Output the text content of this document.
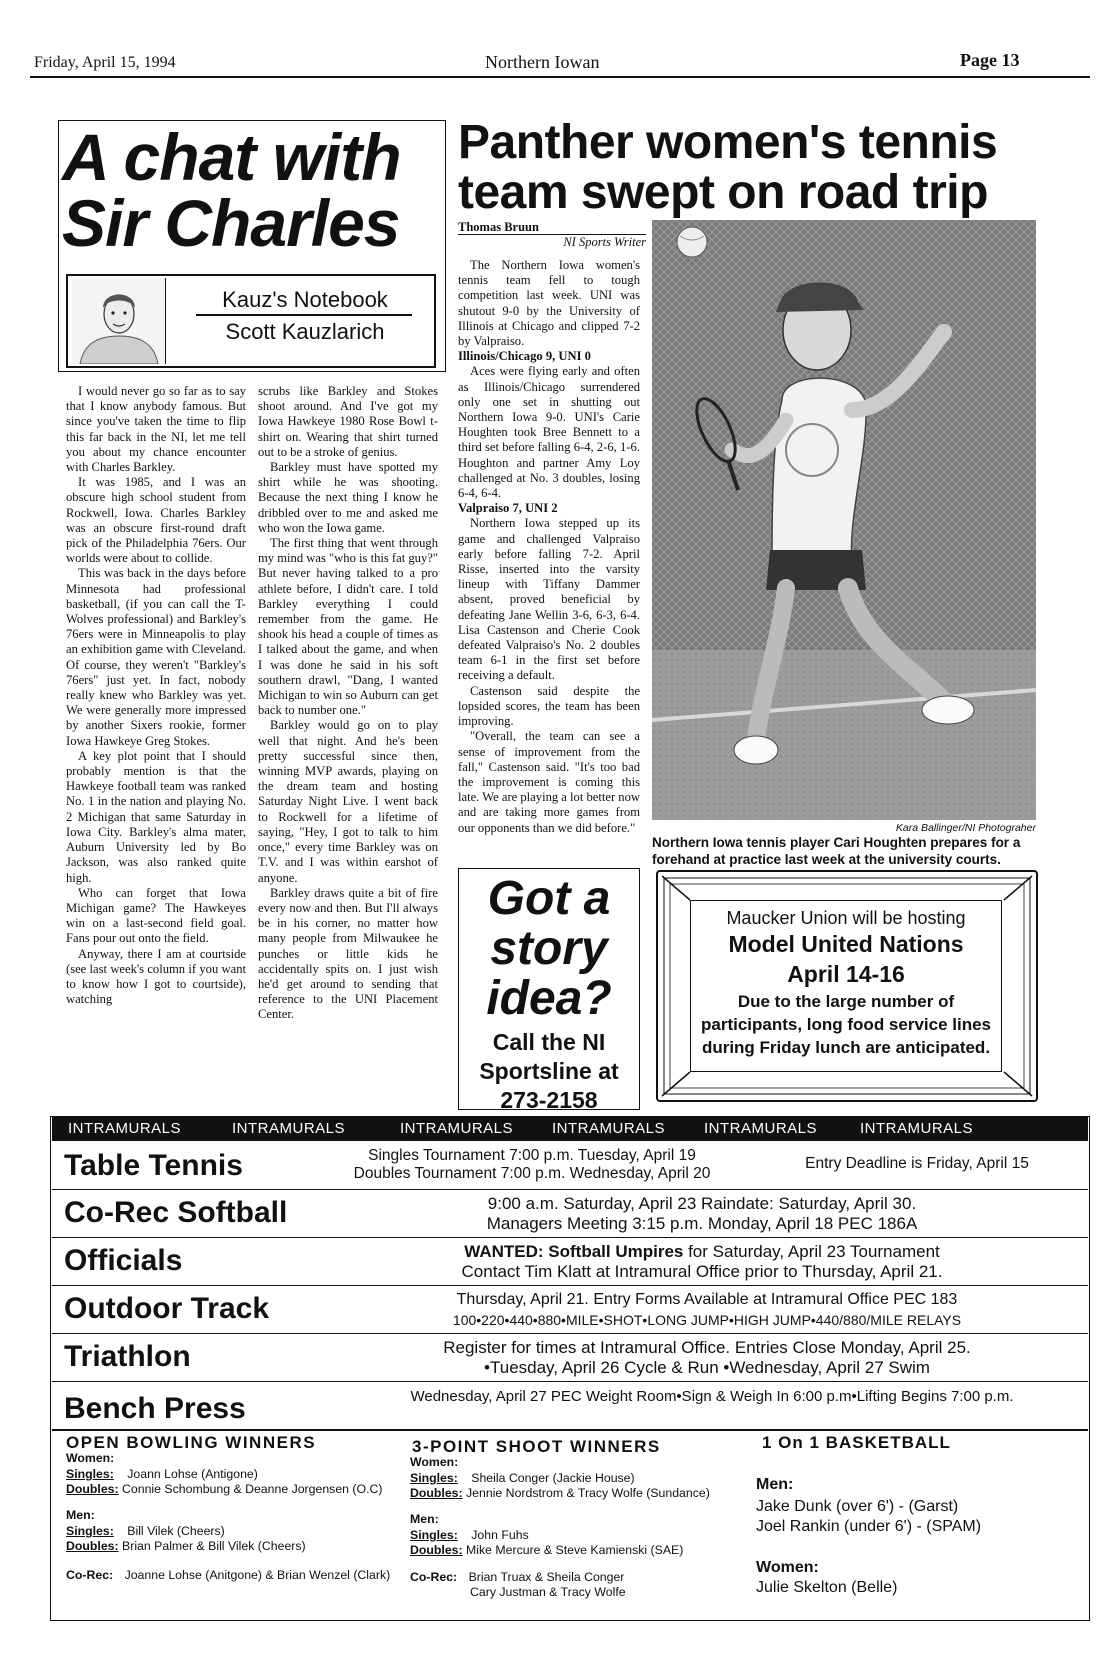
Friday, April 15, 1994	Northern Iowan	Page 13
A chat with
Sir Charles
Kauz's Notebook
Scott Kauzlarich

I would never go so far as to say that I know anybody famous. But since you've taken the time to flip this far back in the NI, let me tell you about my chance encounter with Charles Barkley.

It was 1985, and I was an obscure high school student from Rockwell, Iowa. Charles Barkley was an obscure first-round draft pick of the Philadelphia 76ers. Our worlds were about to collide.

This was back in the days before Minnesota had professional basketball, (if you can call the T-Wolves professional) and Barkley's 76ers were in Minneapolis to play an exhibition game with Cleveland. Of course, they weren't "Barkley's 76ers" just yet. In fact, nobody really knew who Barkley was yet. We were generally more impressed by another Sixers rookie, former Iowa Hawkeye Greg Stokes.

A key plot point that I should probably mention is that the Hawkeye football team was ranked No. 1 in the nation and playing No. 2 Michigan that same Saturday in Iowa City. Barkley's alma mater, Auburn University led by Bo Jackson, was also ranked quite high.

Who can forget that Iowa Michigan game? The Hawkeyes win on a last-second field goal. Fans pour out onto the field.

Anyway, there I am at courtside (see last week's column if you want to know how I got to courtside), watching

scrubs like Barkley and Stokes shoot around. And I've got my Iowa Hawkeye 1980 Rose Bowl t-shirt on. Wearing that shirt turned out to be a stroke of genius.

Barkley must have spotted my shirt while he was shooting. Because the next thing I know he dribbled over to me and asked me who won the Iowa game.

The first thing that went through my mind was "who is this fat guy?" But never having talked to a pro athlete before, I didn't care. I told Barkley everything I could remember from the game. He shook his head a couple of times as I talked about the game, and when I was done he said in his soft southern drawl, "Dang, I wanted Michigan to win so Auburn can get back to number one."

Barkley would go on to play well that night. And he's been pretty successful since then, winning MVP awards, playing on the dream team and hosting Saturday Night Live. I went back to Rockwell for a lifetime of saying, "Hey, I got to talk to him once," every time Barkley was on T.V. and I was within earshot of anyone.

Barkley draws quite a bit of fire every now and then. But I'll always be in his corner, no matter how many people from Milwaukee he punches or little kids he accidentally spits on. I just wish he'd get around to sending that reference to the UNI Placement Center.

Panther women's tennis
team swept on road trip
Thomas Bruun
NI Sports Writer

The Northern Iowa women's tennis team fell to tough competition last week. UNI was shutout 9-0 by the University of Illinois at Chicago and clipped 7-2 by Valpraiso.

Illinois/Chicago 9, UNI 0

Aces were flying early and often as Illinois/Chicago surrendered only one set in shutting out Northern Iowa 9-0. UNI's Carie Houghten took Bree Bennett to a third set before falling 6-4, 2-6, 1-6. Houghton and partner Amy Loy challenged at No. 3 doubles, losing 6-4, 6-4.

Valpraiso 7, UNI 2

Northern Iowa stepped up its game and challenged Valpraiso early before falling 7-2. April Risse, inserted into the varsity lineup with Tiffany Dammer absent, proved beneficial by defeating Jane Wellin 3-6, 6-3, 6-4. Lisa Castenson and Cherie Cook defeated Valpraiso's No. 2 doubles team 6-1 in the first set before receiving a default.

Castenson said despite the lopsided scores, the team has been improving.

"Overall, the team can see a sense of improvement from the fall," Castenson said. "It's too bad the improvement is coming this late. We are playing a lot better now and are taking more games from our opponents than we did before."	Kara Ballinger/NI Photograher
Northern Iowa tennis player Cari Houghten prepares for a forehand at practice last week at the university courts.
Got a
story
idea?
Call the NI
Sportsline at
273-2158
Maucker Union will be hosting
Model United Nations
April 14-16
Due to the large number of participants, long food service lines during Friday lunch are anticipated.
INTRAMURALS	INTRAMURALS	INTRAMURALS	INTRAMURALS	INTRAMURALS	INTRAMURALS
Table Tennis	Singles Tournament 7:00 p.m. Tuesday, April 19
Doubles Tournament 7:00 p.m. Wednesday, April 20
Entry Deadline is Friday, April 15
Co-Rec Softball	9:00 a.m. Saturday, April 23 Raindate: Saturday, April 30.
Managers Meeting 3:15 p.m. Monday, April 18 PEC 186A
Officials	WANTED: Softball Umpires for Saturday, April 23 Tournament
Contact Tim Klatt at Intramural Office prior to Thursday, April 21.
Outdoor Track	Thursday, April 21. Entry Forms Available at Intramural Office PEC 183
100•220•440•880•MILE•SHOT•LONG JUMP•HIGH JUMP•440/880/MILE RELAYS
Triathlon	Register for times at Intramural Office. Entries Close Monday, April 25.
•Tuesday, April 26 Cycle & Run •Wednesday, April 27 Swim
Bench Press	Wednesday, April 27 PEC Weight Room•Sign & Weigh In 6:00 p.m•Lifting Begins 7:00 p.m.
OPEN BOWLING WINNERS
Women:
Singles: Joann Lohse (Antigone)
Doubles: Connie Schombung & Deanne Jorgensen (O.C)
Men:
Singles: Bill Vilek (Cheers)
Doubles: Brian Palmer & Bill Vilek (Cheers)
Co-Rec: Joanne Lohse (Anitgone) & Brian Wenzel (Clark)
3-POINT SHOOT WINNERS
Women:
Singles: Sheila Conger (Jackie House)
Doubles: Jennie Nordstrom & Tracy Wolfe (Sundance)
Men:
Singles: John Fuhs
Doubles: Mike Mercure & Steve Kamienski (SAE)
Co-Rec: Brian Truax & Sheila Conger
Cary Justman & Tracy Wolfe
1 On 1 BASKETBALL
Men:
Jake Dunk (over 6') - (Garst)
Joel Rankin (under 6') - (SPAM)
Women:
Julie Skelton (Belle)
